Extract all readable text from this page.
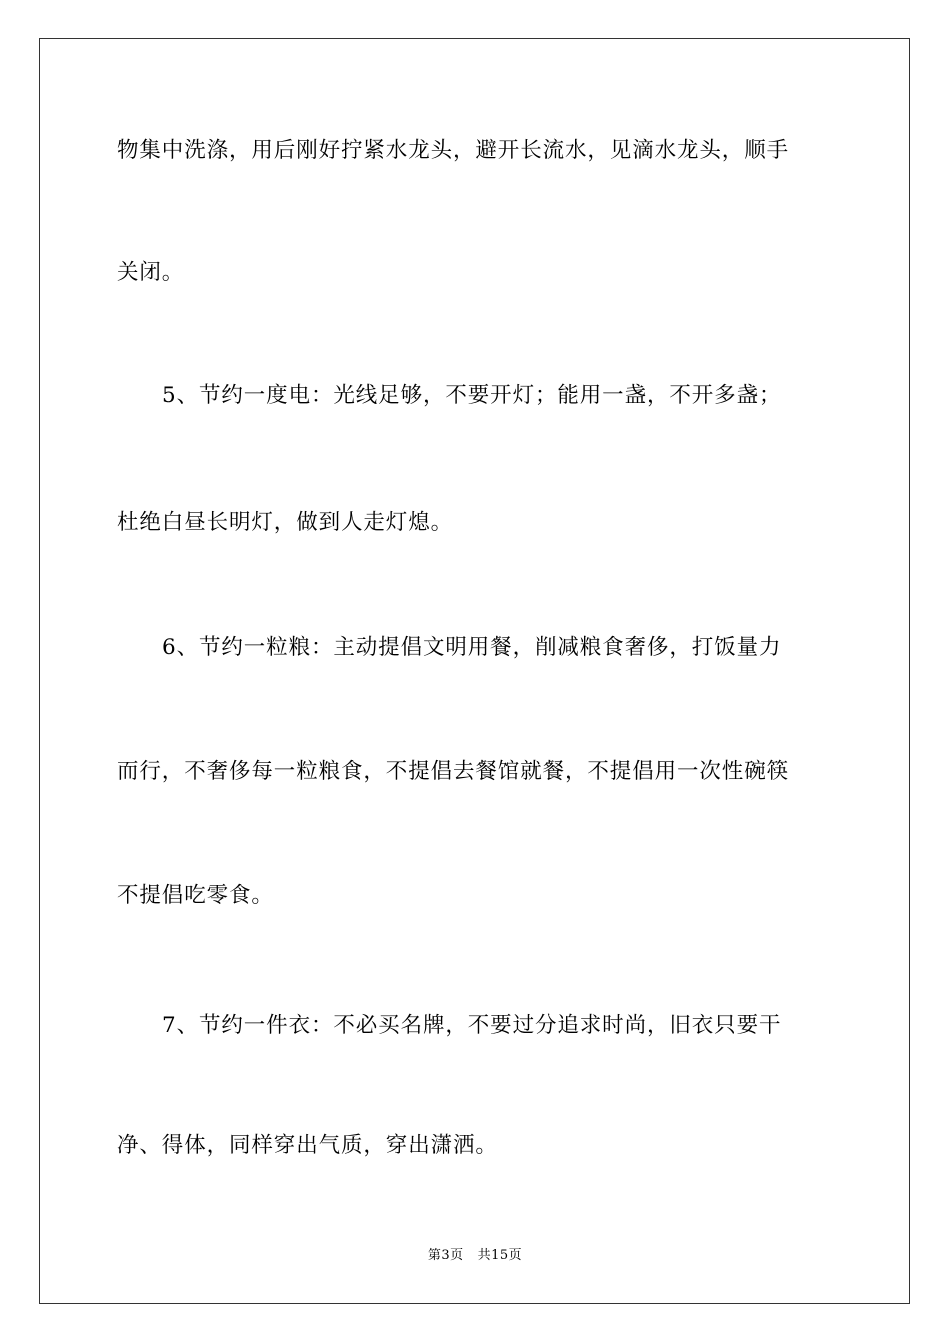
物集中洗涤，用后刚好拧紧水龙头，避开长流水，见滴水龙头，顺手
关闭。
5、节约一度电：光线足够，不要开灯；能用一盏，不开多盏；
杜绝白昼长明灯，做到人走灯熄。
6、节约一粒粮：主动提倡文明用餐，削减粮食奢侈，打饭量力
而行，不奢侈每一粒粮食，不提倡去餐馆就餐，不提倡用一次性碗筷
不提倡吃零食。
7、节约一件衣：不必买名牌，不要过分追求时尚，旧衣只要干
净、得体，同样穿出气质，穿出潇洒。
第3页 共15页
